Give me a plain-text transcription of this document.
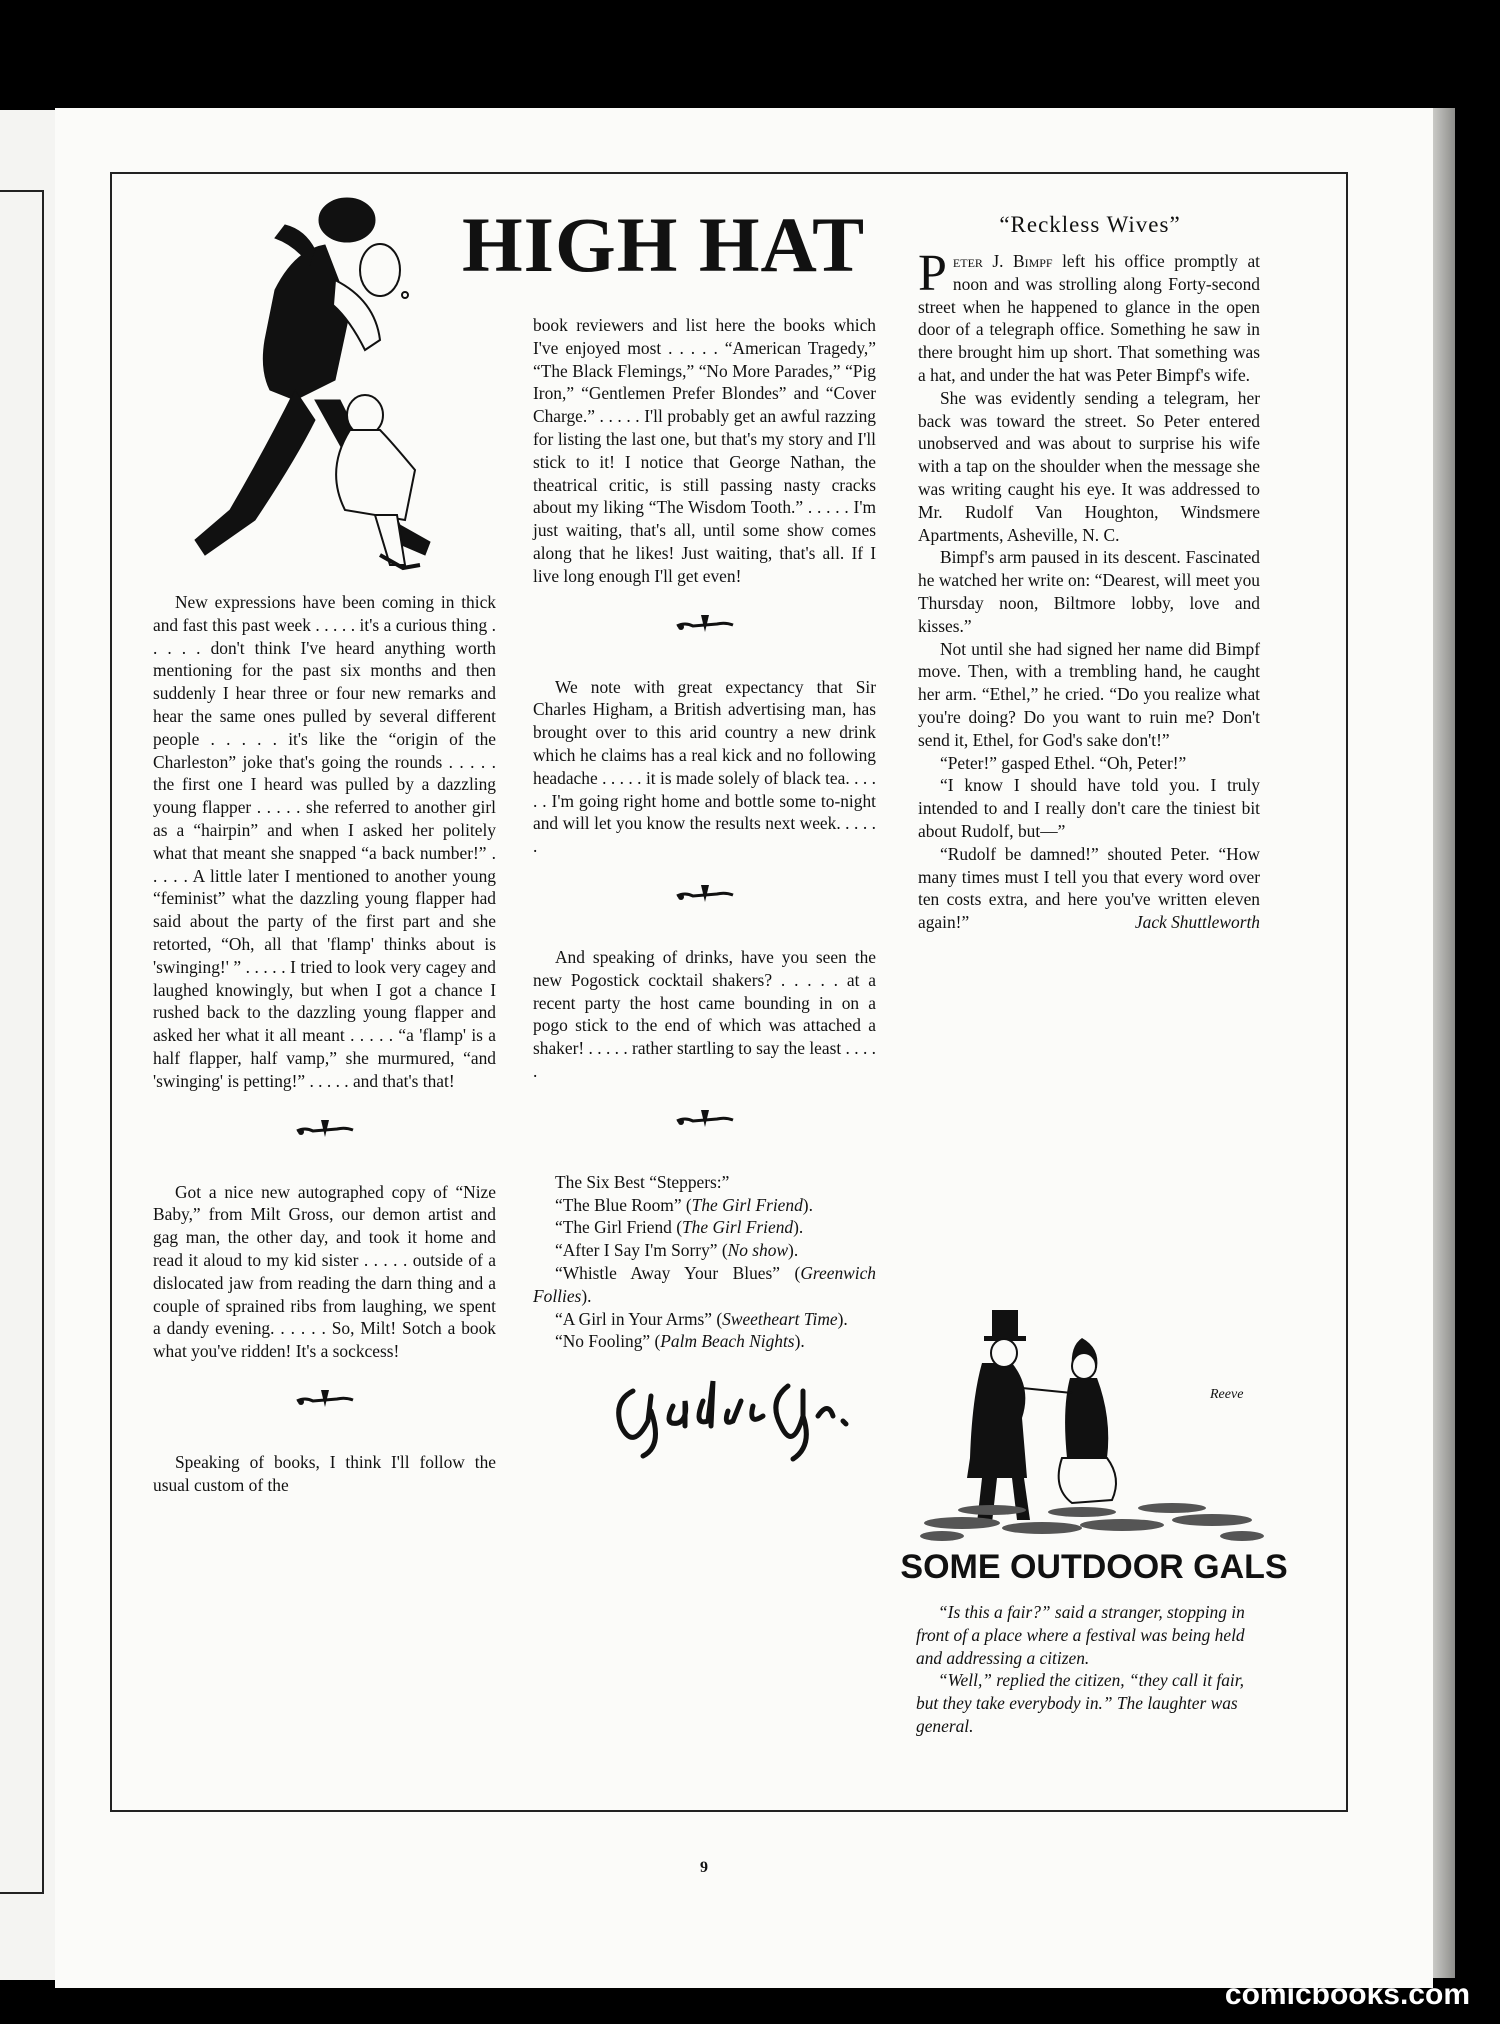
HIGH HAT

New expressions have been coming in thick and fast this past week . . . . . it's a curious thing . . . . . don't think I've heard anything worth mentioning for the past six months and then suddenly I hear three or four new remarks and hear the same ones pulled by several different people . . . . . it's like the “origin of the Charleston” joke that's going the rounds . . . . . the first one I heard was pulled by a dazzling young flapper . . . . . she referred to another girl as a “hairpin” and when I asked her politely what that meant she snapped “a back number!” . . . . . A little later I mentioned to another young “feminist” what the dazzling young flapper had said about the party of the first part and she retorted, “Oh, all that 'flamp' thinks about is 'swinging!' ” . . . . . I tried to look very cagey and laughed knowingly, but when I got a chance I rushed back to the dazzling young flapper and asked her what it all meant . . . . . “a 'flamp' is a half flapper, half vamp,” she murmured, “and 'swinging' is petting!” . . . . . and that's that!

Got a nice new autographed copy of “Nize Baby,” from Milt Gross, our demon artist and gag man, the other day, and took it home and read it aloud to my kid sister . . . . . outside of a dislocated jaw from reading the darn thing and a couple of sprained ribs from laughing, we spent a dandy evening. . . . . . So, Milt! Sotch a book what you've ridden! It's a sockcess!

Speaking of books, I think I'll follow the usual custom of the

book reviewers and list here the books which I've enjoyed most . . . . . “American Tragedy,” “The Black Flemings,” “No More Parades,” “Pig Iron,” “Gentlemen Prefer Blondes” and “Cover Charge.” . . . . . I'll probably get an awful razzing for listing the last one, but that's my story and I'll stick to it! I notice that George Nathan, the theatrical critic, is still passing nasty cracks about my liking “The Wisdom Tooth.” . . . . . I'm just waiting, that's all, until some show comes along that he likes! Just waiting, that's all. If I live long enough I'll get even!

We note with great expectancy that Sir Charles Higham, a British advertising man, has brought over to this arid country a new drink which he claims has a real kick and no following headache . . . . . it is made solely of black tea. . . . . . I'm going right home and bottle some to-night and will let you know the results next week. . . . . .

And speaking of drinks, have you seen the new Pogostick cocktail shakers? . . . . . at a recent party the host came bounding in on a pogo stick to the end of which was attached a shaker! . . . . . rather startling to say the least . . . . .

The Six Best “Steppers:”

“The Blue Room” (The Girl Friend).

“The Girl Friend (The Girl Friend).

“After I Say I'm Sorry” (No show).

“Whistle Away Your Blues” (Greenwich Follies).

“A Girl in Your Arms” (Sweetheart Time).

“No Fooling” (Palm Beach Nights).

“Reckless Wives”

Peter J. Bimpf left his office promptly at noon and was strolling along Forty-second street when he happened to glance in the open door of a telegraph office. Something he saw in there brought him up short. That something was a hat, and under the hat was Peter Bimpf's wife.

She was evidently sending a telegram, her back was toward the street. So Peter entered unobserved and was about to surprise his wife with a tap on the shoulder when the message she was writing caught his eye. It was addressed to Mr. Rudolf Van Houghton, Windsmere Apartments, Asheville, N. C.

Bimpf's arm paused in its descent. Fascinated he watched her write on: “Dearest, will meet you Thursday noon, Biltmore lobby, love and kisses.”

Not until she had signed her name did Bimpf move. Then, with a trembling hand, he caught her arm. “Ethel,” he cried. “Do you realize what you're doing? Do you want to ruin me? Don't send it, Ethel, for God's sake don't!”

“Peter!” gasped Ethel. “Oh, Peter!”

“I know I should have told you. I truly intended to and I really don't care the tiniest bit about Rudolf, but—”

“Rudolf be damned!” shouted Peter. “How many times must I tell you that every word over ten costs extra, and here you've written eleven again!”	Jack Shuttleworth

Reeve
SOME OUTDOOR GALS

“Is this a fair?” said a stranger, stopping in front of a place where a festival was being held and addressing a citizen.

“Well,” replied the citizen, “they call it fair, but they take everybody in.” The laughter was general.

9
comicbooks.com
